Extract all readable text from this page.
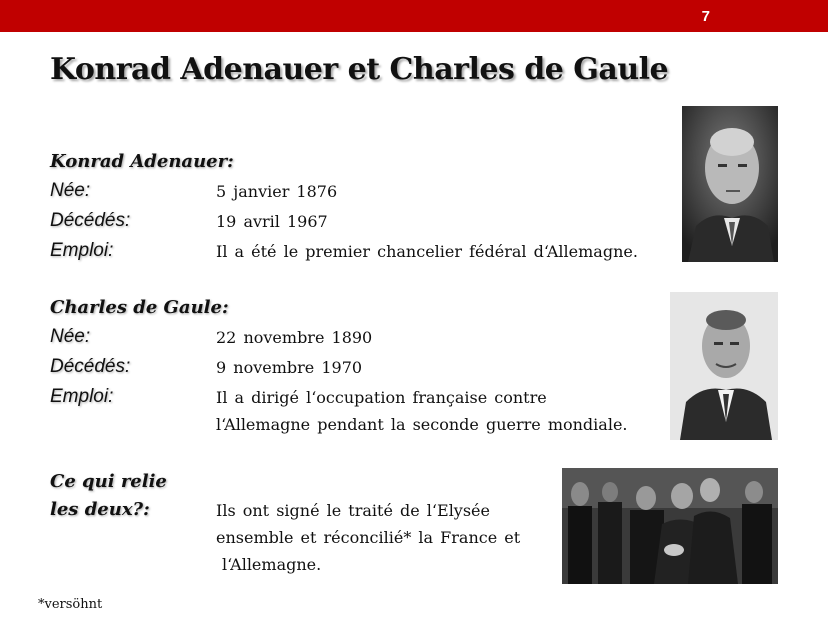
7
Konrad Adenauer et Charles de Gaule
Konrad Adenauer:
Née:	5 janvier 1876
Décédés:	19 avril 1967
Emploi:	Il a été le premier chancelier fédéral d‘Allemagne.
Charles de Gaule:
Née:	22 novembre 1890
Décédés:	9 novembre 1970
Emploi:	Il a dirigé l‘occupation française contre
l‘Allemagne pendant la seconde guerre mondiale.
Ce qui relie
les deux?:	Ils ont signé le traité de l‘Elysée
ensemble et réconcilié* la France et
l‘Allemagne.
*versöhnt
